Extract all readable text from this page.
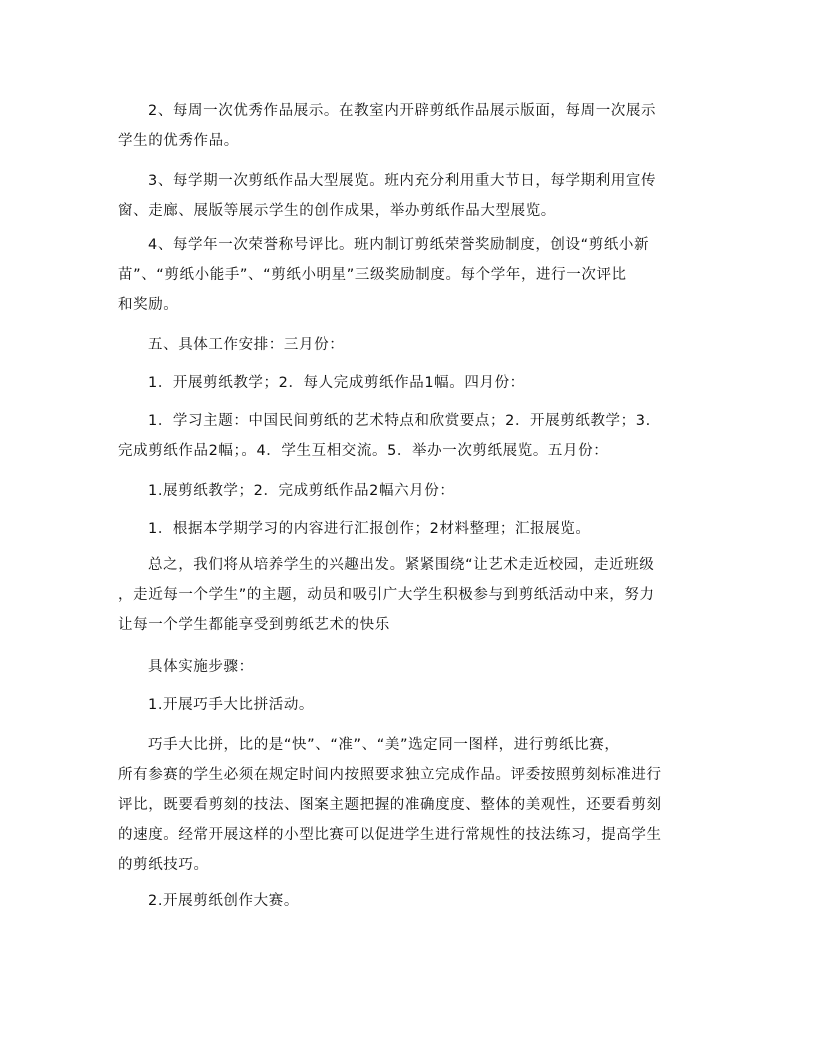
2、每周一次优秀作品展示。在教室内开辟剪纸作品展示版面，每周一次展示
学生的优秀作品。

3、每学期一次剪纸作品大型展览。班内充分利用重大节日，每学期利用宣传
窗、走廊、展版等展示学生的创作成果，举办剪纸作品大型展览。

4、每学年一次荣誉称号评比。班内制订剪纸荣誉奖励制度，创设“剪纸小新
苗”、“剪纸小能手”、“剪纸小明星”三级奖励制度。每个学年，进行一次评比
和奖励。

五、具体工作安排：三月份：

1．开展剪纸教学；2．每人完成剪纸作品1幅。四月份：

1．学习主题：中国民间剪纸的艺术特点和欣赏要点；2．开展剪纸教学；3.
完成剪纸作品2幅；。4．学生互相交流。5．举办一次剪纸展览。五月份：

1.展剪纸教学；2．完成剪纸作品2幅六月份：

1．根据本学期学习的内容进行汇报创作；2材料整理；汇报展览。

总之，我们将从培养学生的兴趣出发。紧紧围绕“让艺术走近校园，走近班级
，走近每一个学生”的主题，动员和吸引广大学生积极参与到剪纸活动中来，努力
让每一个学生都能享受到剪纸艺术的快乐

具体实施步骤：

1.开展巧手大比拼活动。

巧手大比拼，比的是“快”、“准”、“美”选定同一图样，进行剪纸比赛，
所有参赛的学生必须在规定时间内按照要求独立完成作品。评委按照剪刻标准进行
评比，既要看剪刻的技法、图案主题把握的准确度度、整体的美观性，还要看剪刻
的速度。经常开展这样的小型比赛可以促进学生进行常规性的技法练习，提高学生
的剪纸技巧。

2.开展剪纸创作大赛。
